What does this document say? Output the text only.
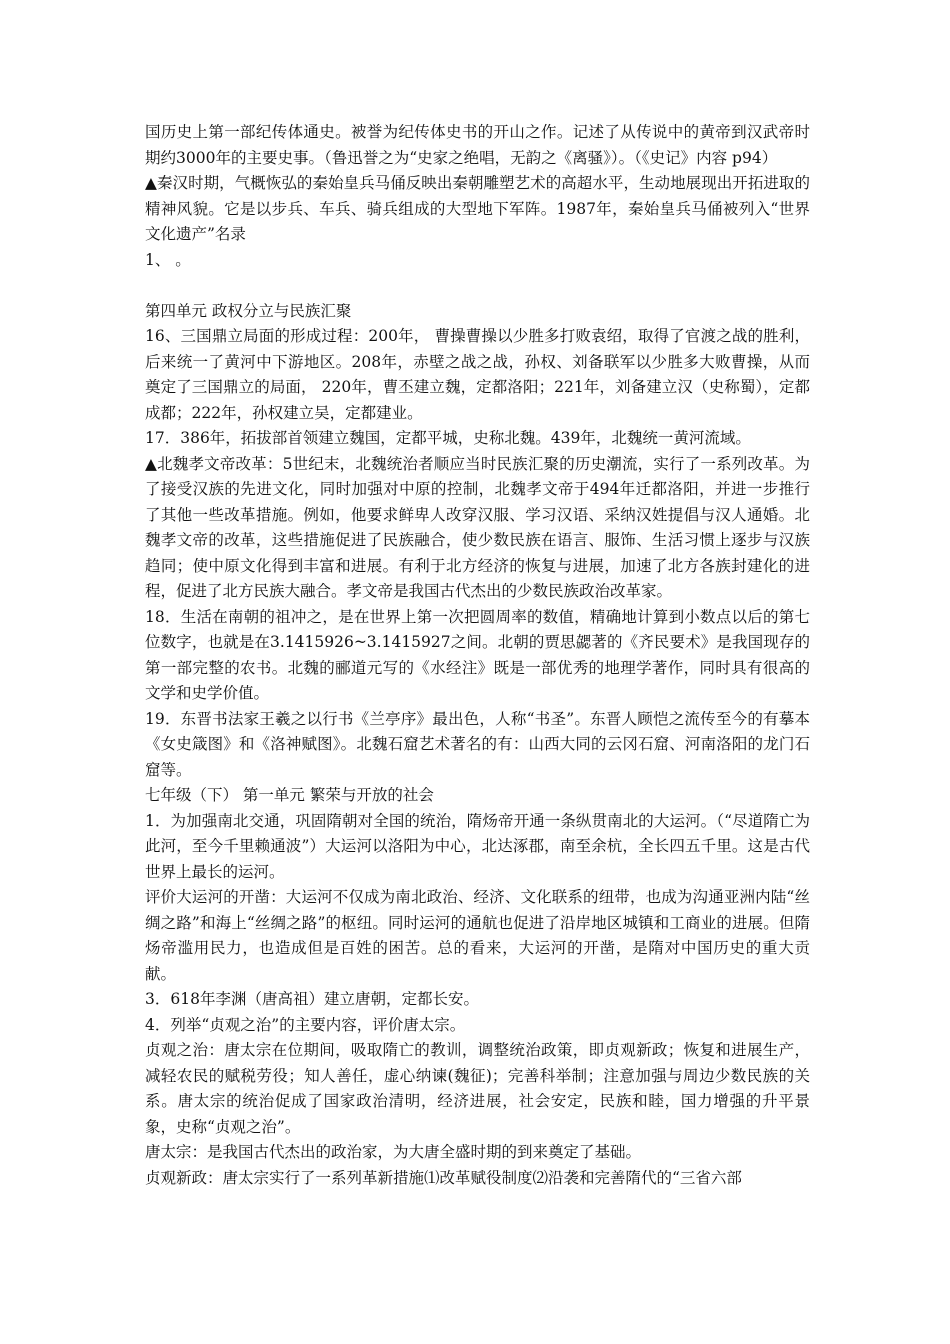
国历史上第一部纪传体通史。被誉为纪传体史书的开山之作。记述了从传说中的黄帝到汉武帝时期约3000年的主要史事。（鲁迅誉之为“史家之绝唱，无韵之《离骚》）。（《史记》内容 p94）

▲秦汉时期，气概恢弘的秦始皇兵马俑反映出秦朝雕塑艺术的高超水平，生动地展现出开拓进取的精神风貌。它是以步兵、车兵、骑兵组成的大型地下军阵。1987年，秦始皇兵马俑被列入“世界文化遗产”名录

1、 。

第四单元 政权分立与民族汇聚

16、三国鼎立局面的形成过程：200年， 曹操曹操以少胜多打败袁绍，取得了官渡之战的胜利，后来统一了黄河中下游地区。208年，赤壁之战之战，孙权、刘备联军以少胜多大败曹操，从而奠定了三国鼎立的局面， 220年，曹丕建立魏，定都洛阳；221年，刘备建立汉（史称蜀），定都成都；222年，孙权建立吴，定都建业。

17．386年，拓拔部首领建立魏国，定都平城，史称北魏。439年，北魏统一黄河流域。

▲北魏孝文帝改革：5世纪末，北魏统治者顺应当时民族汇聚的历史潮流，实行了一系列改革。为了接受汉族的先进文化，同时加强对中原的控制，北魏孝文帝于494年迁都洛阳，并进一步推行了其他一些改革措施。例如，他要求鲜卑人改穿汉服、学习汉语、采纳汉姓提倡与汉人通婚。北魏孝文帝的改革，这些措施促进了民族融合，使少数民族在语言、服饰、生活习惯上逐步与汉族趋同；使中原文化得到丰富和进展。有利于北方经济的恢复与进展，加速了北方各族封建化的进程，促进了北方民族大融合。孝文帝是我国古代杰出的少数民族政治改革家。

18．生活在南朝的祖冲之，是在世界上第一次把圆周率的数值，精确地计算到小数点以后的第七位数字，也就是在3.1415926~3.1415927之间。北朝的贾思勰著的《齐民要术》是我国现存的第一部完整的农书。北魏的郦道元写的《水经注》既是一部优秀的地理学著作，同时具有很高的文学和史学价值。

19．东晋书法家王羲之以行书《兰亭序》最出色，人称“书圣”。东晋人顾恺之流传至今的有摹本《女史箴图》和《洛神赋图》。北魏石窟艺术著名的有：山西大同的云冈石窟、河南洛阳的龙门石窟等。

七年级（下） 第一单元 繁荣与开放的社会

1．为加强南北交通，巩固隋朝对全国的统治，隋炀帝开通一条纵贯南北的大运河。（“尽道隋亡为此河，至今千里赖通波”）大运河以洛阳为中心，北达涿郡，南至余杭，全长四五千里。这是古代世界上最长的运河。

评价大运河的开凿：大运河不仅成为南北政治、经济、文化联系的纽带，也成为沟通亚洲内陆“丝绸之路”和海上“丝绸之路”的枢纽。同时运河的通航也促进了沿岸地区城镇和工商业的进展。但隋炀帝滥用民力，也造成但是百姓的困苦。总的看来，大运河的开凿，是隋对中国历史的重大贡献。

3．618年李渊（唐高祖）建立唐朝，定都长安。

4．列举“贞观之治”的主要内容，评价唐太宗。

贞观之治：唐太宗在位期间，吸取隋亡的教训，调整统治政策，即贞观新政；恢复和进展生产，减轻农民的赋税劳役；知人善任，虚心纳谏(魏征)；完善科举制；注意加强与周边少数民族的关系。唐太宗的统治促成了国家政治清明，经济进展，社会安定，民族和睦，国力增强的升平景象，史称“贞观之治”。

唐太宗：是我国古代杰出的政治家，为大唐全盛时期的到来奠定了基础。

贞观新政：唐太宗实行了一系列革新措施⑴改革赋役制度⑵沿袭和完善隋代的“三省六部
